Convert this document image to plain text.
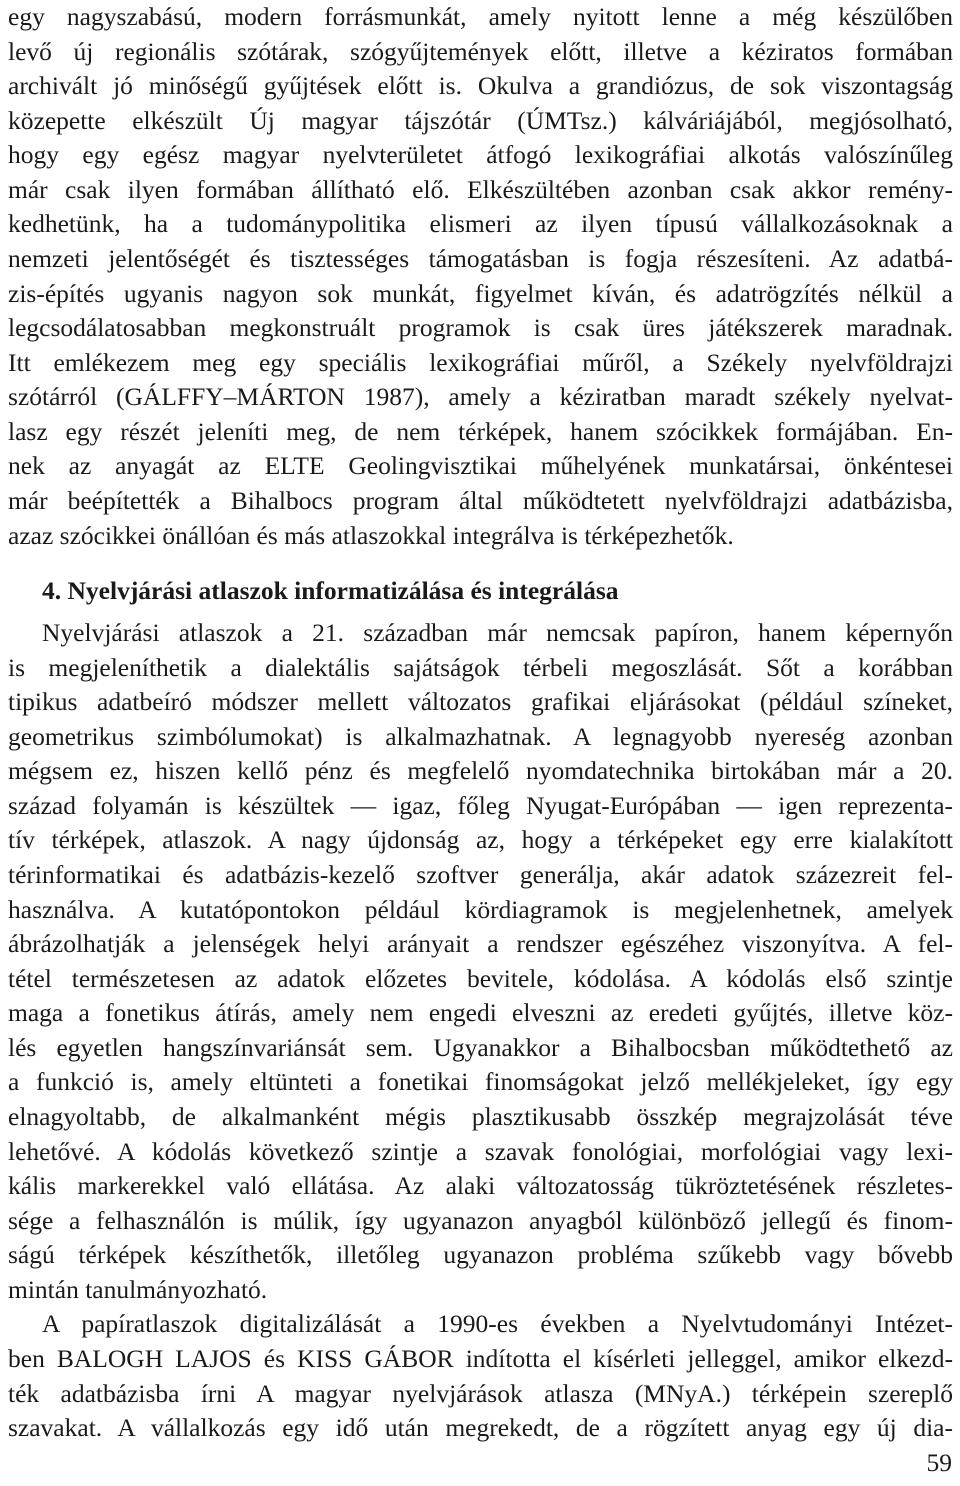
egy nagyszabású, modern forrásmunkát, amely nyitott lenne a még készülőben
levő új regionális szótárak, szógyűjtemények előtt, illetve a kéziratos formában
archivált jó minőségű gyűjtések előtt is. Okulva a grandiózus, de sok viszontagság
közepette elkészült Új magyar tájszótár (ÚMTsz.) kálváriájából, megjósolható,
hogy egy egész magyar nyelvterületet átfogó lexikográfiai alkotás valószínűleg
már csak ilyen formában állítható elő. Elkészültében azonban csak akkor remény-
kedhetünk, ha a tudománypolitika elismeri az ilyen típusú vállalkozásoknak a
nemzeti jelentőségét és tisztességes támogatásban is fogja részesíteni. Az adatbá-
zis-építés ugyanis nagyon sok munkát, figyelmet kíván, és adatrögzítés nélkül a
legcsodálatosabban megkonstruált programok is csak üres játékszerek maradnak.
Itt emlékezem meg egy speciális lexikográfiai műről, a Székely nyelvföldrajzi
szótárról (GÁLFFY–MÁRTON 1987), amely a kéziratban maradt székely nyelvat-
lasz egy részét jeleníti meg, de nem térképek, hanem szócikkek formájában. En-
nek az anyagát az ELTE Geolingvisztikai műhelyének munkatársai, önkéntesei
már beépítették a Bihalbocs program által működtetett nyelvföldrajzi adatbázisba,
azaz szócikkei önállóan és más atlaszokkal integrálva is térképezhetők.
4. Nyelvjárási atlaszok informatizálása és integrálása
Nyelvjárási atlaszok a 21. században már nemcsak papíron, hanem képernyőn
is megjeleníthetik a dialektális sajátságok térbeli megoszlását. Sőt a korábban
tipikus adatbeíró módszer mellett változatos grafikai eljárásokat (például színeket,
geometrikus szimbólumokat) is alkalmazhatnak. A legnagyobb nyereség azonban
mégsem ez, hiszen kellő pénz és megfelelő nyomdatechnika birtokában már a 20.
század folyamán is készültek — igaz, főleg Nyugat-Európában — igen reprezenta-
tív térképek, atlaszok. A nagy újdonság az, hogy a térképeket egy erre kialakított
térinformatikai és adatbázis-kezelő szoftver generálja, akár adatok százezreit fel-
használva. A kutatópontokon például kördiagramok is megjelenhetnek, amelyek
ábrázolhatják a jelenségek helyi arányait a rendszer egészéhez viszonyítva. A fel-
tétel természetesen az adatok előzetes bevitele, kódolása. A kódolás első szintje
maga a fonetikus átírás, amely nem engedi elveszni az eredeti gyűjtés, illetve köz-
lés egyetlen hangszínvariánsát sem. Ugyanakkor a Bihalbocsban működtethető az
a funkció is, amely eltünteti a fonetikai finomságokat jelző mellékjeleket, így egy
elnagyoltabb, de alkalmanként mégis plasztikusabb összkép megrajzolását téve
lehetővé. A kódolás következő szintje a szavak fonológiai, morfológiai vagy lexi-
kális markerekkel való ellátása. Az alaki változatosság tükröztetésének részletes-
sége a felhasználón is múlik, így ugyanazon anyagból különböző jellegű és finom-
ságú térképek készíthetők, illetőleg ugyanazon probléma szűkebb vagy bővebb
mintán tanulmányozható.
A papíratlaszok digitalizálását a 1990-es években a Nyelvtudományi Intézet-
ben BALOGH LAJOS és KISS GÁBOR indította el kísérleti jelleggel, amikor elkezd-
ték adatbázisba írni A magyar nyelvjárások atlasza (MNyA.) térképein szereplő
szavakat. A vállalkozás egy idő után megrekedt, de a rögzített anyag egy új dia-
59
